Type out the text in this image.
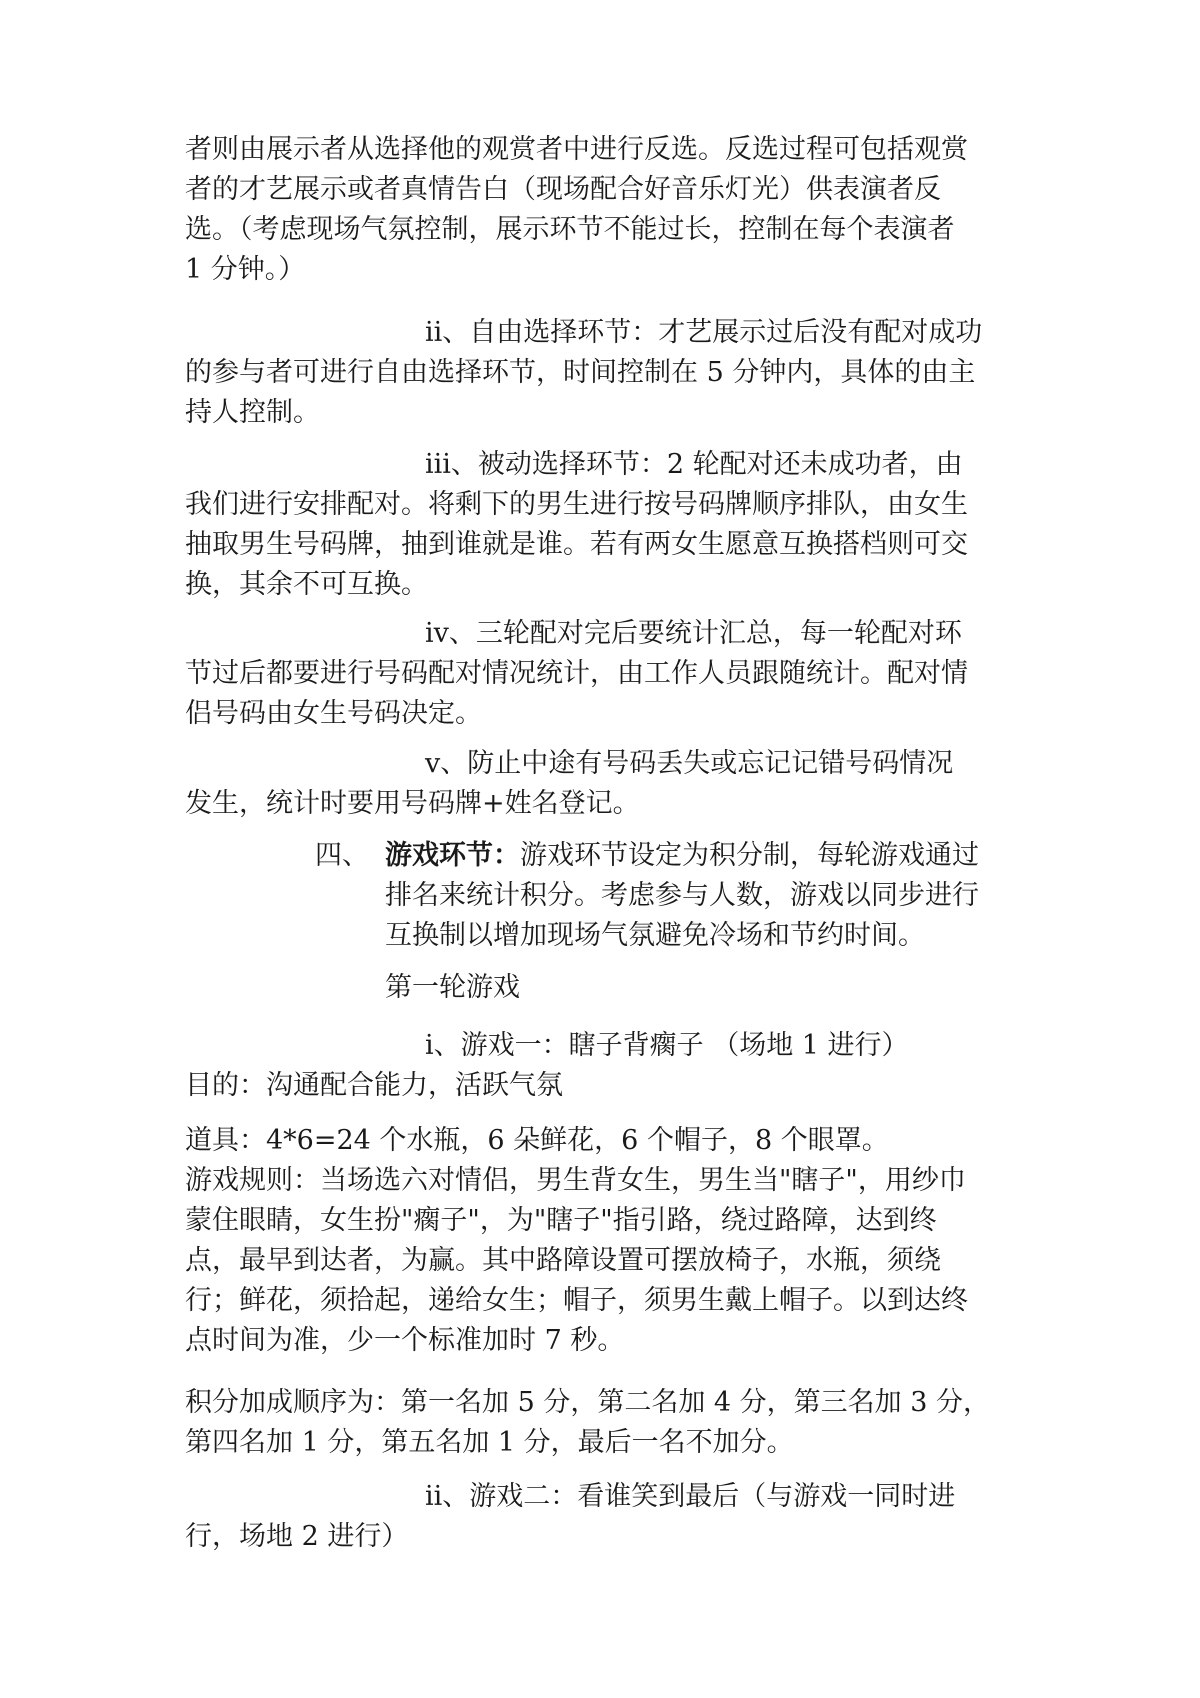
者则由展示者从选择他的观赏者中进行反选。反选过程可包括观赏
者的才艺展示或者真情告白（现场配合好音乐灯光）供表演者反
选。（考虑现场气氛控制，展示环节不能过长，控制在每个表演者
1 分钟。）
ⅱ、自由选择环节：才艺展示过后没有配对成功
的参与者可进行自由选择环节，时间控制在 5 分钟内，具体的由主
持人控制。
ⅲ、被动选择环节：2 轮配对还未成功者，由
我们进行安排配对。将剩下的男生进行按号码牌顺序排队，由女生
抽取男生号码牌，抽到谁就是谁。若有两女生愿意互换搭档则可交
换，其余不可互换。
ⅳ、三轮配对完后要统计汇总，每一轮配对环
节过后都要进行号码配对情况统计，由工作人员跟随统计。配对情
侣号码由女生号码决定。
ⅴ、防止中途有号码丢失或忘记记错号码情况
发生，统计时要用号码牌+姓名登记。
四、 游戏环节：游戏环节设定为积分制，每轮游戏通过
排名来统计积分。考虑参与人数，游戏以同步进行
互换制以增加现场气氛避免冷场和节约时间。
第一轮游戏
ⅰ、游戏一：瞎子背瘸子 （场地 1 进行）
目的：沟通配合能力，活跃气氛
道具：4*6=24 个水瓶，6 朵鲜花，6 个帽子，8 个眼罩。
游戏规则：当场选六对情侣，男生背女生，男生当"瞎子"，用纱巾
蒙住眼睛，女生扮"瘸子"，为"瞎子"指引路，绕过路障，达到终
点，最早到达者，为赢。其中路障设置可摆放椅子，水瓶，须绕
行；鲜花，须拾起，递给女生；帽子，须男生戴上帽子。以到达终
点时间为准，少一个标准加时 7 秒。
积分加成顺序为：第一名加 5 分，第二名加 4 分，第三名加 3 分，
第四名加 1 分，第五名加 1 分，最后一名不加分。
ⅱ、游戏二：看谁笑到最后（与游戏一同时进
行，场地 2 进行）
